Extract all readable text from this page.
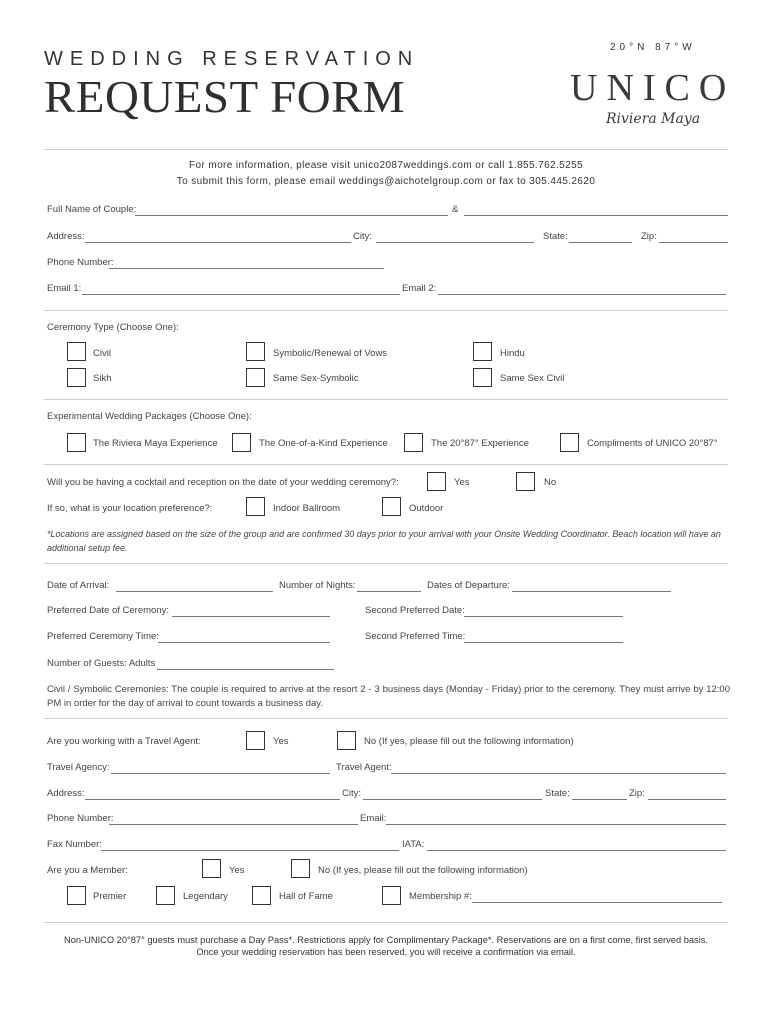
WEDDING RESERVATION
REQUEST FORM
20°N 87°W
UNICO
Riviera Maya
For more information, please visit unico2087weddings.com or call 1.855.762.5255
To submit this form, please email weddings@aichotelgroup.com or fax to 305.445.2620
Full Name of Couple:	&
Address:	City:	State:	Zip:
Phone Number:
Email 1:	Email 2:
Ceremony Type (Choose One):
Civil	Symbolic/Renewal of Vows	Hindu
Sikh	Same Sex-Symbolic	Same Sex Civil
Experimental Wedding Packages (Choose One):
The Riviera Maya Experience	The One-of-a-Kind Experience	The 20°87° Experience	Compliments of UNICO 20°87°
Will you be having a cocktail and reception on the date of your wedding ceremony?:	Yes	No
If so, what is your location preference?:	Indoor Ballroom	Outdoor
*Locations are assigned based on the size of the group and are confirmed 30 days prior to your arrival with your Onsite Wedding Coordinator. Beach location will have an additional setup fee.
Date of Arrival:	Number of Nights:	Dates of Departure:
Preferred Date of Ceremony:	Second Preferred Date:
Preferred Ceremony Time:	Second Preferred Time:
Number of Guests: Adults
Civil / Symbolic Ceremonies: The couple is required to arrive at the resort 2 - 3 business days (Monday - Friday) prior to the ceremony. They must arrive by 12:00 PM in order for the day of arrival to count towards a business day.
Are you working with a Travel Agent:	Yes	No (If yes, please fill out the following information)
Travel Agency:	Travel Agent:
Address:	City:	State:	Zip:
Phone Number:	Email:
Fax Number:	IATA:
Are you a Member:	Yes	No (If yes, please fill out the following information)
Premier	Legendary	Hall of Fame	Membership #:
Non-UNICO 20°87° guests must purchase a Day Pass*. Restrictions apply for Complimentary Package*. Reservations are on a first come, first served basis.
Once your wedding reservation has been reserved, you will receive a confirmation via email.
